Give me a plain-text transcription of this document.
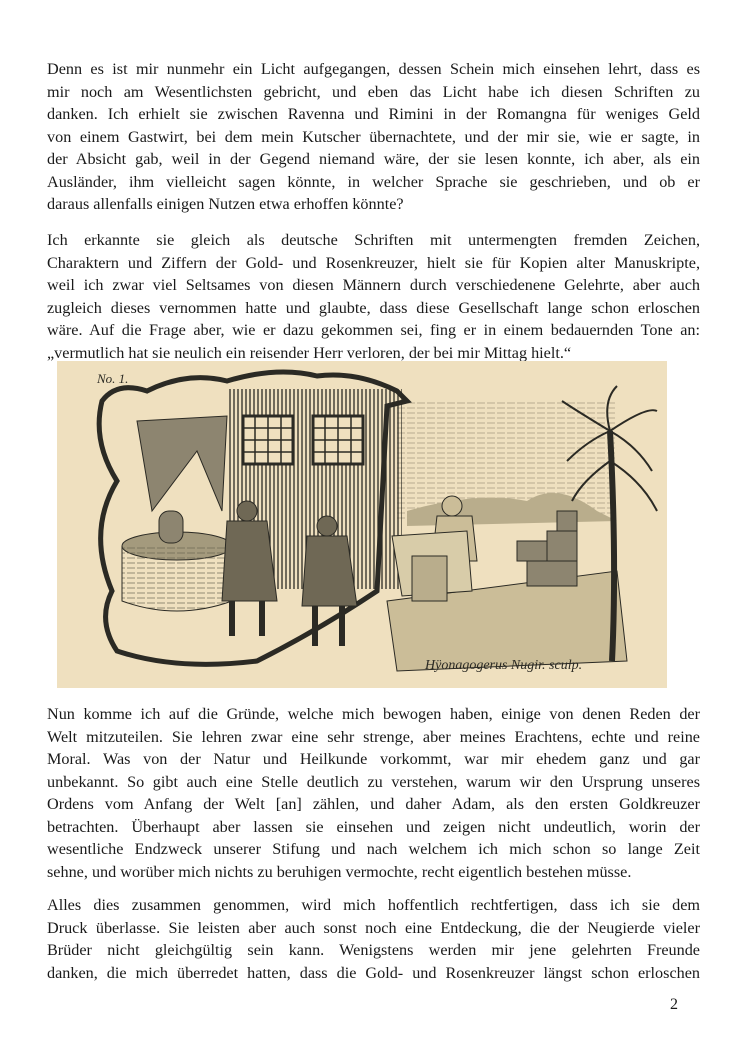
Denn es ist mir nunmehr ein Licht aufgegangen, dessen Schein mich einsehen lehrt, dass es
mir noch am Wesentlichsten gebricht, und eben das Licht habe ich diesen Schriften zu
danken. Ich erhielt sie zwischen Ravenna und Rimini in der Romangna für weniges Geld
von einem Gastwirt, bei dem mein Kutscher übernachtete, und der mir sie, wie er sagte, in
der Absicht gab, weil in der Gegend niemand wäre, der sie lesen konnte, ich aber, als ein
Ausländer, ihm vielleicht sagen könnte, in welcher Sprache sie geschrieben, und ob er
daraus allenfalls einigen Nutzen etwa erhoffen könnte?
Ich erkannte sie gleich als deutsche Schriften mit untermengten fremden Zeichen,
Charaktern und Ziffern der Gold- und Rosenkreuzer, hielt sie für Kopien alter Manuskripte,
weil ich zwar viel Seltsames von diesen Männern durch verschiedenene Gelehrte, aber auch
zugleich dieses vernommen hatte und glaubte, dass diese Gesellschaft lange schon erloschen
wäre. Auf die Frage aber, wie er dazu gekommen sei, fing er in einem bedauernden Tone an:
„vermutlich hat sie neulich ein reisender Herr verloren, der bei mir Mittag hielt.“
No. 1.
Hÿonagogerus Nugir. sculp.
Nun komme ich auf die Gründe, welche mich bewogen haben, einige von denen Reden der
Welt mitzuteilen. Sie lehren zwar eine sehr strenge, aber meines Erachtens, echte und reine
Moral. Was von der Natur und Heilkunde vorkommt, war mir ehedem ganz und gar
unbekannt. So gibt auch eine Stelle deutlich zu verstehen, warum wir den Ursprung unseres
Ordens vom Anfang der Welt [an] zählen, und daher Adam, als den ersten Goldkreuzer
betrachten. Überhaupt aber lassen sie einsehen und zeigen nicht undeutlich, worin der
wesentliche Endzweck unserer Stifung und nach welchem ich mich schon so lange Zeit
sehne, und worüber mich nichts zu beruhigen vermochte, recht eigentlich bestehen müsse.
Alles dies zusammen genommen, wird mich hoffentlich rechtfertigen, dass ich sie dem
Druck überlasse. Sie leisten aber auch sonst noch eine Entdeckung, die der Neugierde vieler
Brüder nicht gleichgültig sein kann. Wenigstens werden mir jene gelehrten Freunde
danken, die mich überredet hatten, dass die Gold- und Rosenkreuzer längst schon erloschen
2
